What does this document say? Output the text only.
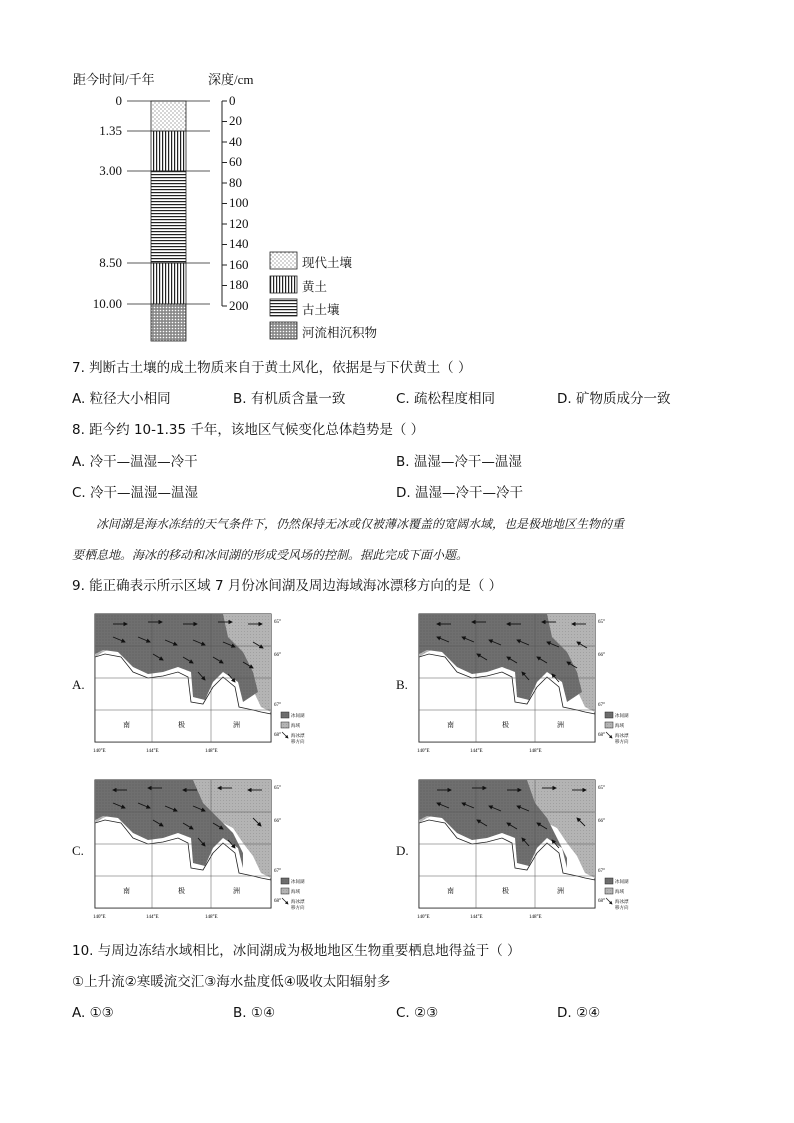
距今时间/千年	深度/cm
0
1.35
3.00
8.50
10.00
0
20
40
60
80
100
120
140
160
180
200
现代土壤
黄土
古土壤
河流相沉积物
7. 判断古土壤的成土物质来自于黄土风化，依据是与下伏黄土（ ）
A. 粒径大小相同	B. 有机质含量一致	C. 疏松程度相同	D. 矿物质成分一致
8. 距今约 10-1.35 千年，该地区气候变化总体趋势是（ ）
A. 冷干—温湿—冷干	B. 温湿—冷干—温湿
C. 冷干—温湿—温湿	D. 温湿—冷干—冷干
冰间湖是海水冻结的天气条件下，仍然保持无冰或仅被薄冰覆盖的宽阔水域，也是极地地区生物的重
要栖息地。海冰的移动和冰间湖的形成受风场的控制。据此完成下面小题。
9. 能正确表示所示区域 7 月份冰间湖及周边海域海冰漂移方向的是（ ）
A.
南	极	洲
140°E	144°E	148°E
65°
66°
67°
68°
冰间湖
海域
海冰漂
移方向
B.
南	极	洲
140°E	144°E	148°E
65°
66°
67°
68°
冰间湖
海域
海冰漂
移方向
C.
南	极	洲
140°E	144°E	148°E
65°
66°
67°
68°
冰间湖
海域
海冰漂
移方向
D.
南	极	洲
140°E	144°E	148°E
65°
66°
67°
68°
冰间湖
海域
海冰漂
移方向
10. 与周边冻结水域相比，冰间湖成为极地地区生物重要栖息地得益于（ ）
①上升流②寒暖流交汇③海水盐度低④吸收太阳辐射多
A. ①③	B. ①④	C. ②③	D. ②④
